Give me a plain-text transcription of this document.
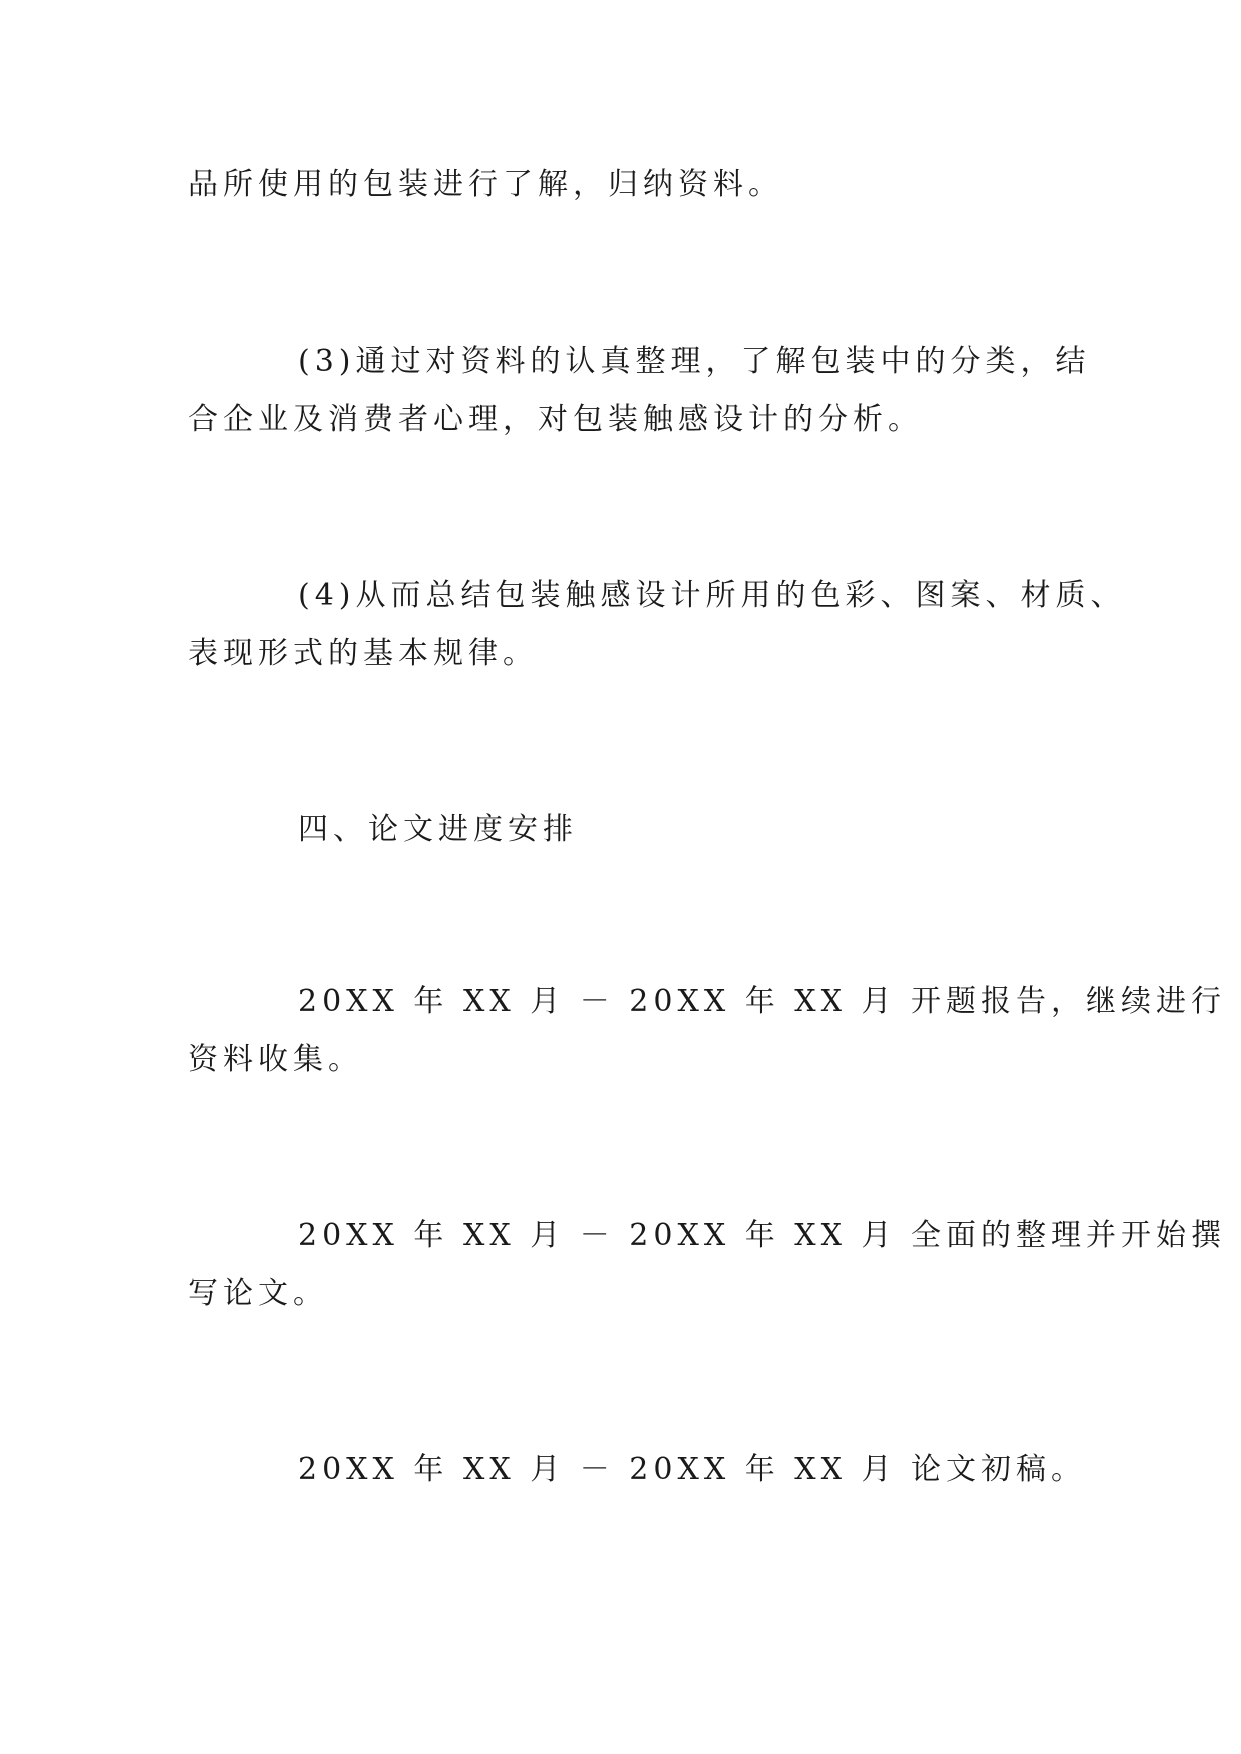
品所使用的包装进行了解，归纳资料。
(3)通过对资料的认真整理，了解包装中的分类，结
合企业及消费者心理，对包装触感设计的分析。
(4)从而总结包装触感设计所用的色彩、图案、材质、
表现形式的基本规律。
四、论文进度安排
20XX 年 XX 月 － 20XX 年 XX 月 开题报告，继续进行
资料收集。
20XX 年 XX 月 － 20XX 年 XX 月 全面的整理并开始撰
写论文。
20XX 年 XX 月 － 20XX 年 XX 月 论文初稿。
